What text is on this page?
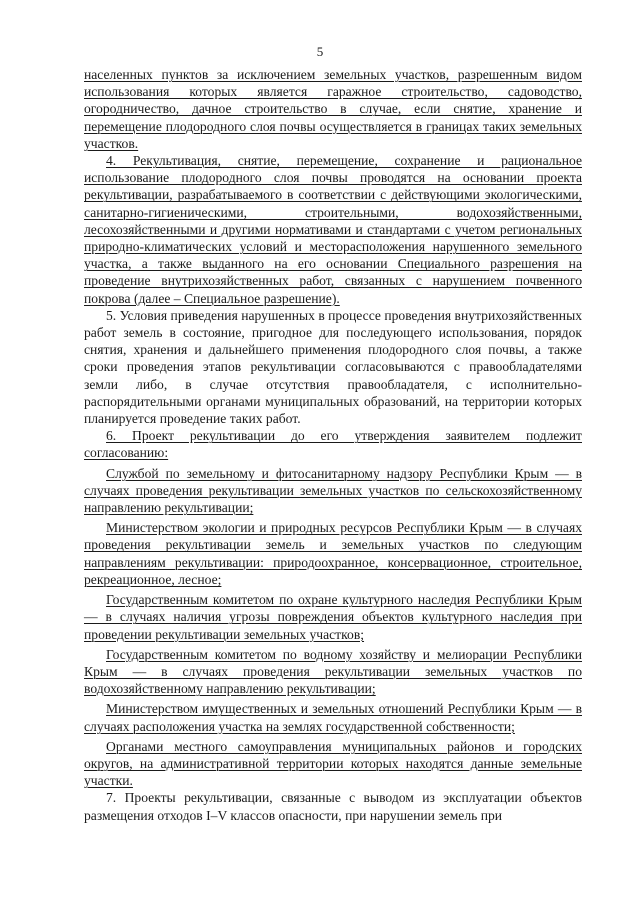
5

населенных пунктов за исключением земельных участков, разрешенным видом использования которых является гаражное строительство, садоводство, огородничество, дачное строительство в случае, если снятие, хранение и перемещение плодородного слоя почвы осуществляется в границах таких земельных участков.

4. Рекультивация, снятие, перемещение, сохранение и рациональное использование плодородного слоя почвы проводятся на основании проекта рекультивации, разрабатываемого в соответствии с действующими экологическими, санитарно-гигиеническими, строительными, водохозяйственными, лесохозяйственными и другими нормативами и стандартами с учетом региональных природно-климатических условий и месторасположения нарушенного земельного участка, а также выданного на его основании Специального разрешения на проведение внутрихозяйственных работ, связанных с нарушением почвенного покрова (далее – Специальное разрешение).

5. Условия приведения нарушенных в процессе проведения внутрихозяйственных работ земель в состояние, пригодное для последующего использования, порядок снятия, хранения и дальнейшего применения плодородного слоя почвы, а также сроки проведения этапов рекультивации согласовываются с правообладателями земли либо, в случае отсутствия правообладателя, с исполнительно-распорядительными органами муниципальных образований, на территории которых планируется проведение таких работ.

6. Проект рекультивации до его утверждения заявителем подлежит согласованию:

Службой по земельному и фитосанитарному надзору Республики Крым — в случаях проведения рекультивации земельных участков по сельскохозяйственному направлению рекультивации;

Министерством экологии и природных ресурсов Республики Крым — в случаях проведения рекультивации земель и земельных участков по следующим направлениям рекультивации: природоохранное, консервационное, строительное, рекреационное, лесное;

Государственным комитетом по охране культурного наследия Республики Крым — в случаях наличия угрозы повреждения объектов культурного наследия при проведении рекультивации земельных участков;

Государственным комитетом по водному хозяйству и мелиорации Республики Крым — в случаях проведения рекультивации земельных участков по водохозяйственному направлению рекультивации;

Министерством имущественных и земельных отношений Республики Крым — в случаях расположения участка на землях государственной собственности;

Органами местного самоуправления муниципальных районов и городских округов, на административной территории которых находятся данные земельные участки.

7. Проекты рекультивации, связанные с выводом из эксплуатации объектов размещения отходов I–V классов опасности, при нарушении земель при
